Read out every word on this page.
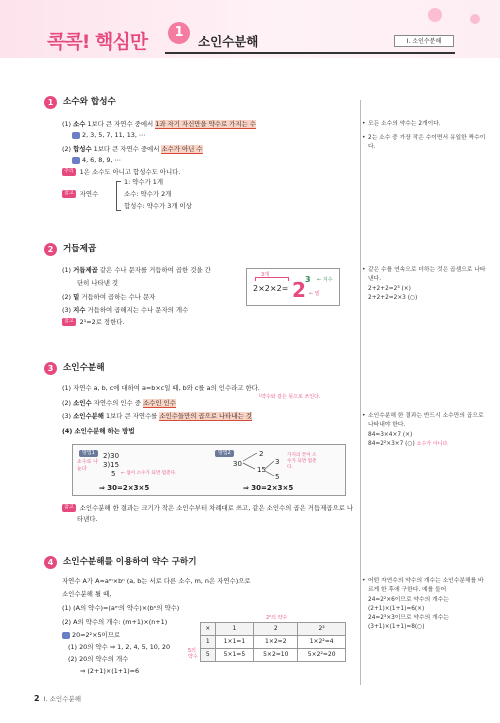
콕콕! 핵심만	1
소인수분해	I. 소인수분해
1	소수와 합성수
(1) 소수 1보다 큰 자연수 중에서 1과 자기 자신만을 약수로 가지는 수
2, 3, 5, 7, 11, 13, ⋯
(2) 합성수 1보다 큰 자연수 중에서 소수가 아닌 수
4, 6, 8, 9, ⋯
주의 1은 소수도 아니고 합성수도 아니다.
참고 자연수
1: 약수가 1개
소수: 약수가 2개
합성수: 약수가 3개 이상
• 모든 소수의 약수는 2개이다.
• 2는 소수 중 가장 작은 수이면서 유일한 짝수이다.
2	거듭제곱
(1) 거듭제곱 같은 수나 문자를 거듭하여 곱한 것을 간
단히 나타낸 것
(2) 밑 거듭하여 곱하는 수나 문자
(3) 지수 거듭하여 곱해지는 수나 문자의 개수
참고 2¹=2로 정한다.
3개
2×2×2= 2 3 ← 지수
← 밑
• 같은 수를 연속으로 더하는 것은 곱셈으로 나타낸다.
2+2+2=2³ (×)
2+2+2=2×3 (○)
3	소인수분해
(1) 자연수 a, b, c에 대하여 a=b×c일 때, b와 c를 a의 인수라고 한다.
└약수와 같은 뜻으로 쓰인다.
(2) 소인수 자연수의 인수 중 소수인 인수
(3) 소인수분해 1보다 큰 자연수를 소인수들만의 곱으로 나타내는 것
(4) 소인수분해 하는 방법
방법1
소수로 나눈다
2)30
3)15
5 ← 몫이 소수가 되면 멈춘다.
⇒ 30=2×3×5
방법2
30
2
15
3
5
가지의 끝이 소수가 되면 멈춘다.
⇒ 30=2×3×5
참고 소인수분해 한 결과는 크기가 작은 소인수부터 차례대로 쓰고, 같은 소인수의 곱은 거듭제곱으로 나
타낸다.
• 소인수분해 한 결과는 반드시 소수만의 곱으로 나타내야 한다.
84=3×4×7 (×)
84=2²×3×7 (○) 소수가 아니다.
4	소인수분해를 이용하여 약수 구하기
자연수 A가 A=aᵐ×bⁿ (a, b는 서로 다른 소수, m, n은 자연수)으로
소인수분해 될 때,
(1) (A의 약수)=(aᵐ의 약수)×(bⁿ의 약수)
(2) A의 약수의 개수: (m+1)×(n+1)
20=2²×5이므로
(1) 20의 약수 ⇒ 1, 2, 4, 5, 10, 20
(2) 20의 약수의 개수
⇒ (2+1)×(1+1)=6
2²의 약수
5의 약수
×	1	2	2²
1	1×1=1	1×2=2	1×2²=4
5	5×1=5	5×2=10	5×2²=20
• 어떤 자연수의 약수의 개수는 소인수분해를 바르게 한 후에 구한다. 예를 들어
24=2²×6이므로 약수의 개수는
(2+1)×(1+1)=6(×)
24=2³×3이므로 약수의 개수는
(3+1)×(1+1)=8(○)
2 I. 소인수분해
